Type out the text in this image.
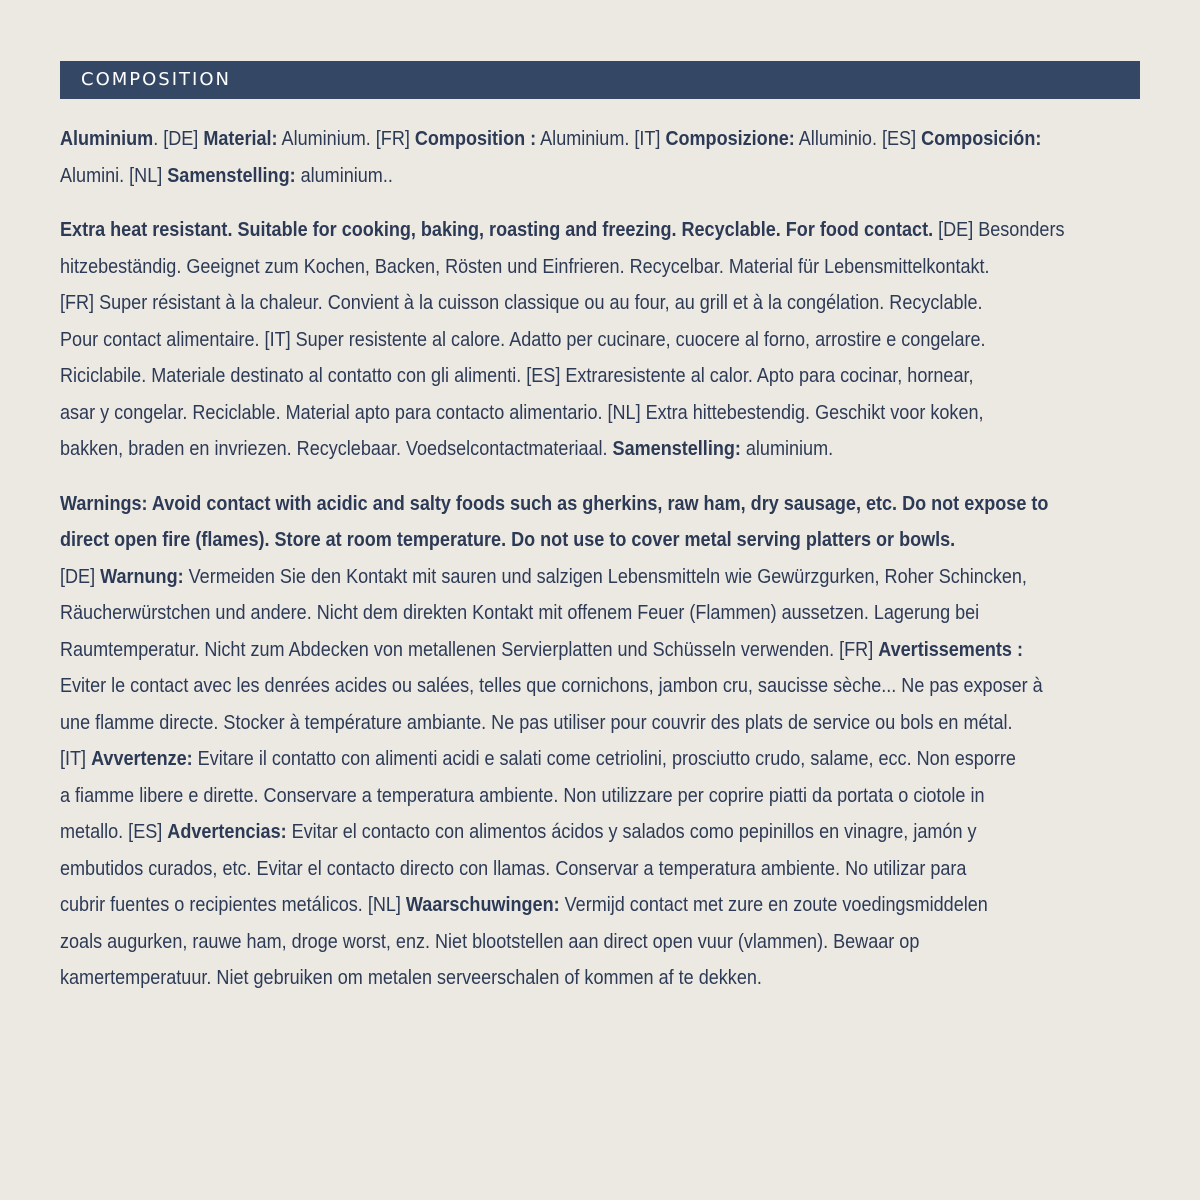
COMPOSITION
Aluminium. [DE] Material: Aluminium. [FR] Composition : Aluminium. [IT] Composizione: Alluminio. [ES] Composición:
Alumini. [NL] Samenstelling: aluminium..
Extra heat resistant. Suitable for cooking, baking, roasting and freezing. Recyclable. For food contact. [DE] Besonders
hitzebeständig. Geeignet zum Kochen, Backen, Rösten und Einfrieren. Recycelbar. Material für Lebensmittelkontakt.
[FR] Super résistant à la chaleur. Convient à la cuisson classique ou au four, au grill et à la congélation. Recyclable.
Pour contact alimentaire. [IT] Super resistente al calore. Adatto per cucinare, cuocere al forno, arrostire e congelare.
Riciclabile. Materiale destinato al contatto con gli alimenti. [ES] Extraresistente al calor. Apto para cocinar, hornear,
asar y congelar. Reciclable. Material apto para contacto alimentario. [NL] Extra hittebestendig. Geschikt voor koken,
bakken, braden en invriezen. Recyclebaar. Voedselcontactmateriaal. Samenstelling: aluminium.
Warnings: Avoid contact with acidic and salty foods such as gherkins, raw ham, dry sausage, etc. Do not expose to
direct open fire (flames). Store at room temperature. Do not use to cover metal serving platters or bowls.
[DE] Warnung: Vermeiden Sie den Kontakt mit sauren und salzigen Lebensmitteln wie Gewürzgurken, Roher Schincken,
Räucherwürstchen und andere. Nicht dem direkten Kontakt mit offenem Feuer (Flammen) aussetzen. Lagerung bei
Raumtemperatur. Nicht zum Abdecken von metallenen Servierplatten und Schüsseln verwenden. [FR] Avertissements :
Eviter le contact avec les denrées acides ou salées, telles que cornichons, jambon cru, saucisse sèche... Ne pas exposer à
une flamme directe. Stocker à température ambiante. Ne pas utiliser pour couvrir des plats de service ou bols en métal.
[IT] Avvertenze: Evitare il contatto con alimenti acidi e salati come cetriolini, prosciutto crudo, salame, ecc. Non esporre
a fiamme libere e dirette. Conservare a temperatura ambiente. Non utilizzare per coprire piatti da portata o ciotole in
metallo. [ES] Advertencias: Evitar el contacto con alimentos ácidos y salados como pepinillos en vinagre, jamón y
embutidos curados, etc. Evitar el contacto directo con llamas. Conservar a temperatura ambiente. No utilizar para
cubrir fuentes o recipientes metálicos. [NL] Waarschuwingen: Vermijd contact met zure en zoute voedingsmiddelen
zoals augurken, rauwe ham, droge worst, enz. Niet blootstellen aan direct open vuur (vlammen). Bewaar op
kamertemperatuur. Niet gebruiken om metalen serveerschalen of kommen af te dekken.
